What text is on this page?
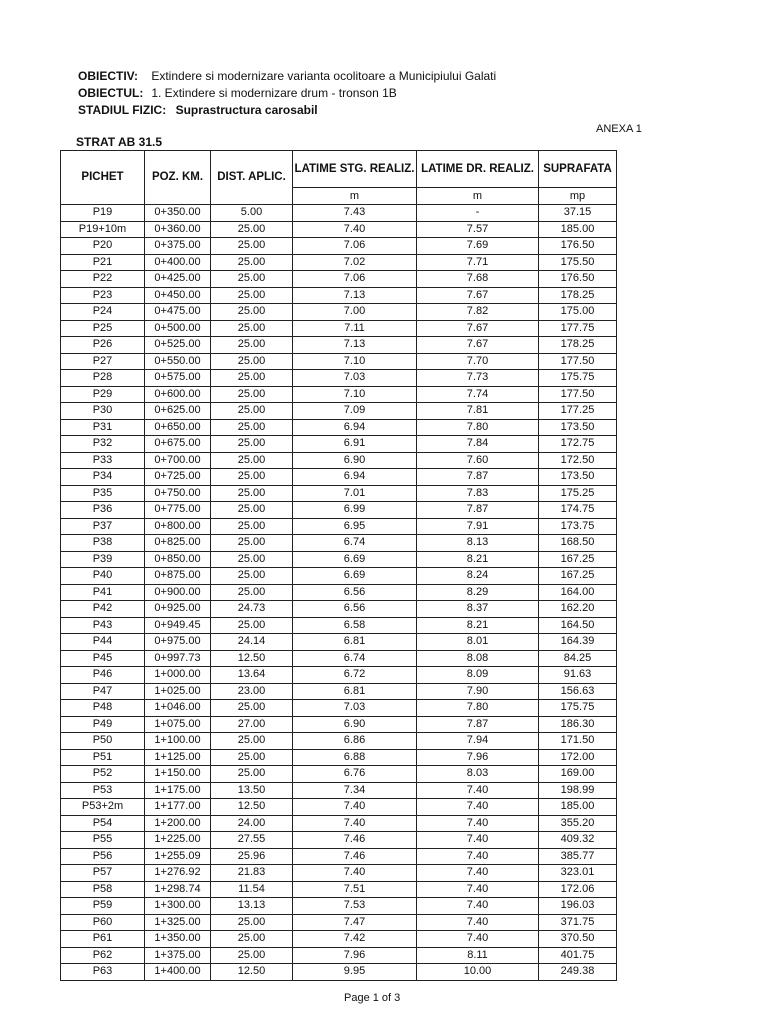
OBIECTIV: Extindere si modernizare varianta ocolitoare a Municipiului Galati
OBIECTUL: 1. Extindere si modernizare drum - tronson 1B
STADIUL FIZIC: Suprastructura carosabil
ANEXA 1
STRAT AB 31.5
PICHET	POZ. KM.	DIST. APLIC.	LATIME STG. REALIZ.	LATIME DR. REALIZ.	SUPRAFATA
			m	m	mp
P19	0+350.00	5.00	7.43	-	37.15
P19+10m	0+360.00	25.00	7.40	7.57	185.00
P20	0+375.00	25.00	7.06	7.69	176.50
P21	0+400.00	25.00	7.02	7.71	175.50
P22	0+425.00	25.00	7.06	7.68	176.50
P23	0+450.00	25.00	7.13	7.67	178.25
P24	0+475.00	25.00	7.00	7.82	175.00
P25	0+500.00	25.00	7.11	7.67	177.75
P26	0+525.00	25.00	7.13	7.67	178.25
P27	0+550.00	25.00	7.10	7.70	177.50
P28	0+575.00	25.00	7.03	7.73	175.75
P29	0+600.00	25.00	7.10	7.74	177.50
P30	0+625.00	25.00	7.09	7.81	177.25
P31	0+650.00	25.00	6.94	7.80	173.50
P32	0+675.00	25.00	6.91	7.84	172.75
P33	0+700.00	25.00	6.90	7.60	172.50
P34	0+725.00	25.00	6.94	7.87	173.50
P35	0+750.00	25.00	7.01	7.83	175.25
P36	0+775.00	25.00	6.99	7.87	174.75
P37	0+800.00	25.00	6.95	7.91	173.75
P38	0+825.00	25.00	6.74	8.13	168.50
P39	0+850.00	25.00	6.69	8.21	167.25
P40	0+875.00	25.00	6.69	8.24	167.25
P41	0+900.00	25.00	6.56	8.29	164.00
P42	0+925.00	24.73	6.56	8.37	162.20
P43	0+949.45	25.00	6.58	8.21	164.50
P44	0+975.00	24.14	6.81	8.01	164.39
P45	0+997.73	12.50	6.74	8.08	84.25
P46	1+000.00	13.64	6.72	8.09	91.63
P47	1+025.00	23.00	6.81	7.90	156.63
P48	1+046.00	25.00	7.03	7.80	175.75
P49	1+075.00	27.00	6.90	7.87	186.30
P50	1+100.00	25.00	6.86	7.94	171.50
P51	1+125.00	25.00	6.88	7.96	172.00
P52	1+150.00	25.00	6.76	8.03	169.00
P53	1+175.00	13.50	7.34	7.40	198.99
P53+2m	1+177.00	12.50	7.40	7.40	185.00
P54	1+200.00	24.00	7.40	7.40	355.20
P55	1+225.00	27.55	7.46	7.40	409.32
P56	1+255.09	25.96	7.46	7.40	385.77
P57	1+276.92	21.83	7.40	7.40	323.01
P58	1+298.74	11.54	7.51	7.40	172.06
P59	1+300.00	13.13	7.53	7.40	196.03
P60	1+325.00	25.00	7.47	7.40	371.75
P61	1+350.00	25.00	7.42	7.40	370.50
P62	1+375.00	25.00	7.96	8.11	401.75
P63	1+400.00	12.50	9.95	10.00	249.38
Page 1 of 3
